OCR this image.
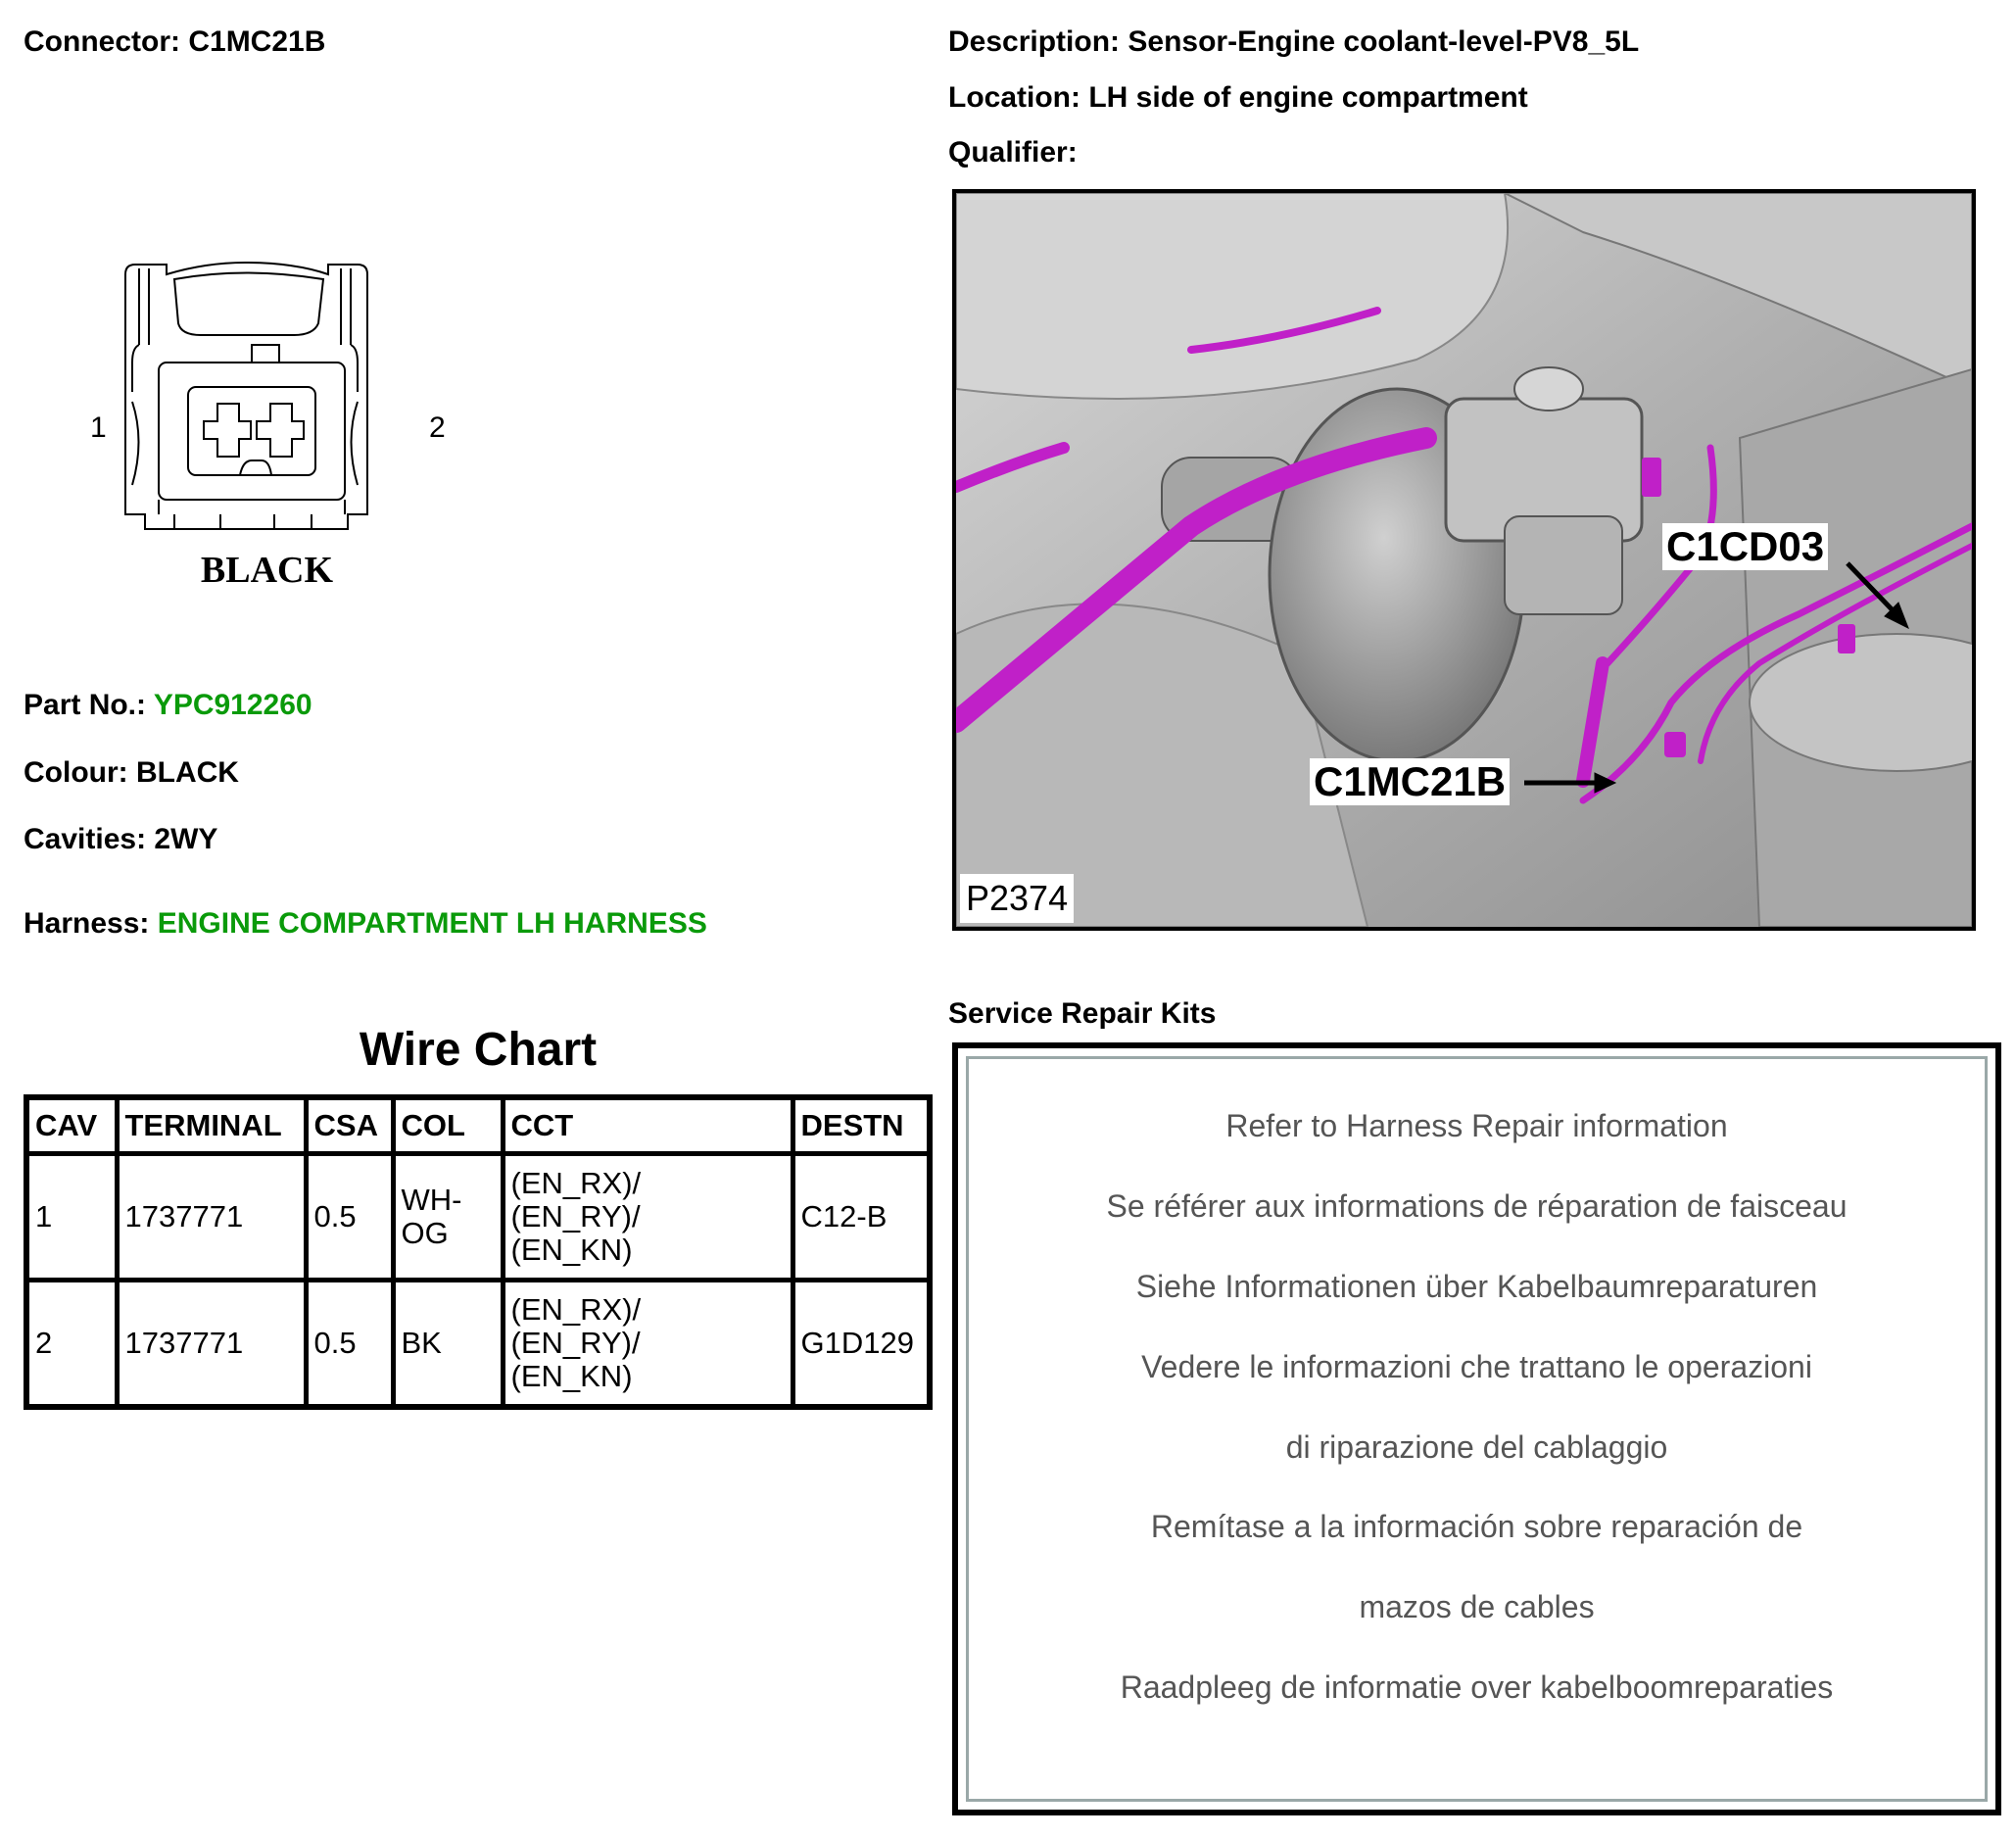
Connector: C1MC21B
1	2
BLACK
Part No.: YPC912260
Colour: BLACK
Cavities: 2WY
Harness: ENGINE COMPARTMENT LH HARNESS
Wire Chart
CAV	TERMINAL	CSA	COL	CCT	DESTN
1	1737771	0.5	WH-OG	(EN_RX)/
(EN_RY)/
(EN_KN)	C12-B
2	1737771	0.5	BK	(EN_RX)/
(EN_RY)/
(EN_KN)	G1D129
Description: Sensor-Engine coolant-level-PV8_5L
Location: LH side of engine compartment
Qualifier:
C1CD03
C1MC21B
P2374
Service Repair Kits
Refer to Harness Repair information
Se référer aux informations de réparation de faisceau
Siehe Informationen über Kabelbaumreparaturen
Vedere le informazioni che trattano le operazioni
di riparazione del cablaggio
Remítase a la información sobre reparación de
mazos de cables
Raadpleeg de informatie over kabelboomreparaties
